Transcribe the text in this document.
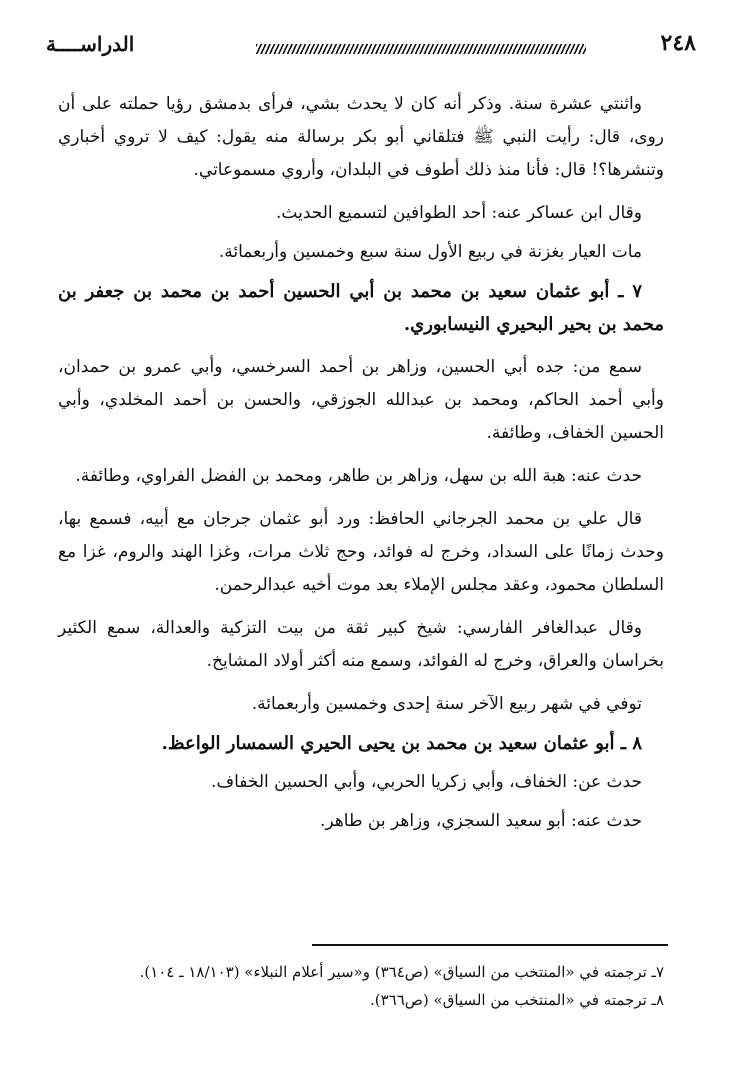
الدراســــة	٢٤٨

واثنتي عشرة سنة. وذكر أنه كان لا يحدث بشي، فرأى بدمشق رؤيا حملته على أن روى، قال: رأيت النبي ﷺ فتلقاني أبو بكر برسالة منه يقول: كيف لا تروي أخباري وتنشرها؟! قال: فأنا منذ ذلك أطوف في البلدان، وأروي مسموعاتي.

وقال ابن عساكر عنه: أحد الطوافين لتسميع الحديث.

مات العيار بغزنة في ربيع الأول سنة سبع وخمسين وأربعمائة.

٧ ـ أبو عثمان سعيد بن محمد بن أبي الحسين أحمد بن محمد بن جعفر بن محمد بن بحير البحيري النيسابوري.

سمع من: جده أبي الحسين، وزاهر بن أحمد السرخسي، وأبي عمرو بن حمدان، وأبي أحمد الحاكم، ومحمد بن عبدالله الجوزقي، والحسن بن أحمد المخلدي، وأبي الحسين الخفاف، وطائفة.

حدث عنه: هبة الله بن سهل، وزاهر بن طاهر، ومحمد بن الفضل الفراوي، وطائفة.

قال علي بن محمد الجرجاني الحافظ: ورد أبو عثمان جرجان مع أبيه، فسمع بها، وحدث زمانًا على السداد، وخرج له فوائد، وحج ثلاث مرات، وغزا الهند والروم، غزا مع السلطان محمود، وعقد مجلس الإملاء بعد موت أخيه عبدالرحمن.

وقال عبدالغافر الفارسي: شيخ كبير ثقة من بيت التزكية والعدالة، سمع الكثير بخراسان والعراق، وخرج له الفوائد، وسمع منه أكثر أولاد المشايخ.

توفي في شهر ربيع الآخر سنة إحدى وخمسين وأربعمائة.

٨ ـ أبو عثمان سعيد بن محمد بن يحيى الحيري السمسار الواعظ.

حدث عن: الخفاف، وأبي زكريا الحربي، وأبي الحسين الخفاف.

حدث عنه: أبو سعيد السجزي، وزاهر بن طاهر.

٧ـ ترجمته في «المنتخب من السياق» (ص٣٦٤) و«سير أعلام النبلاء» (١٨/١٠٣ ـ ١٠٤).
٨ـ ترجمته في «المنتخب من السياق» (ص٣٦٦).
